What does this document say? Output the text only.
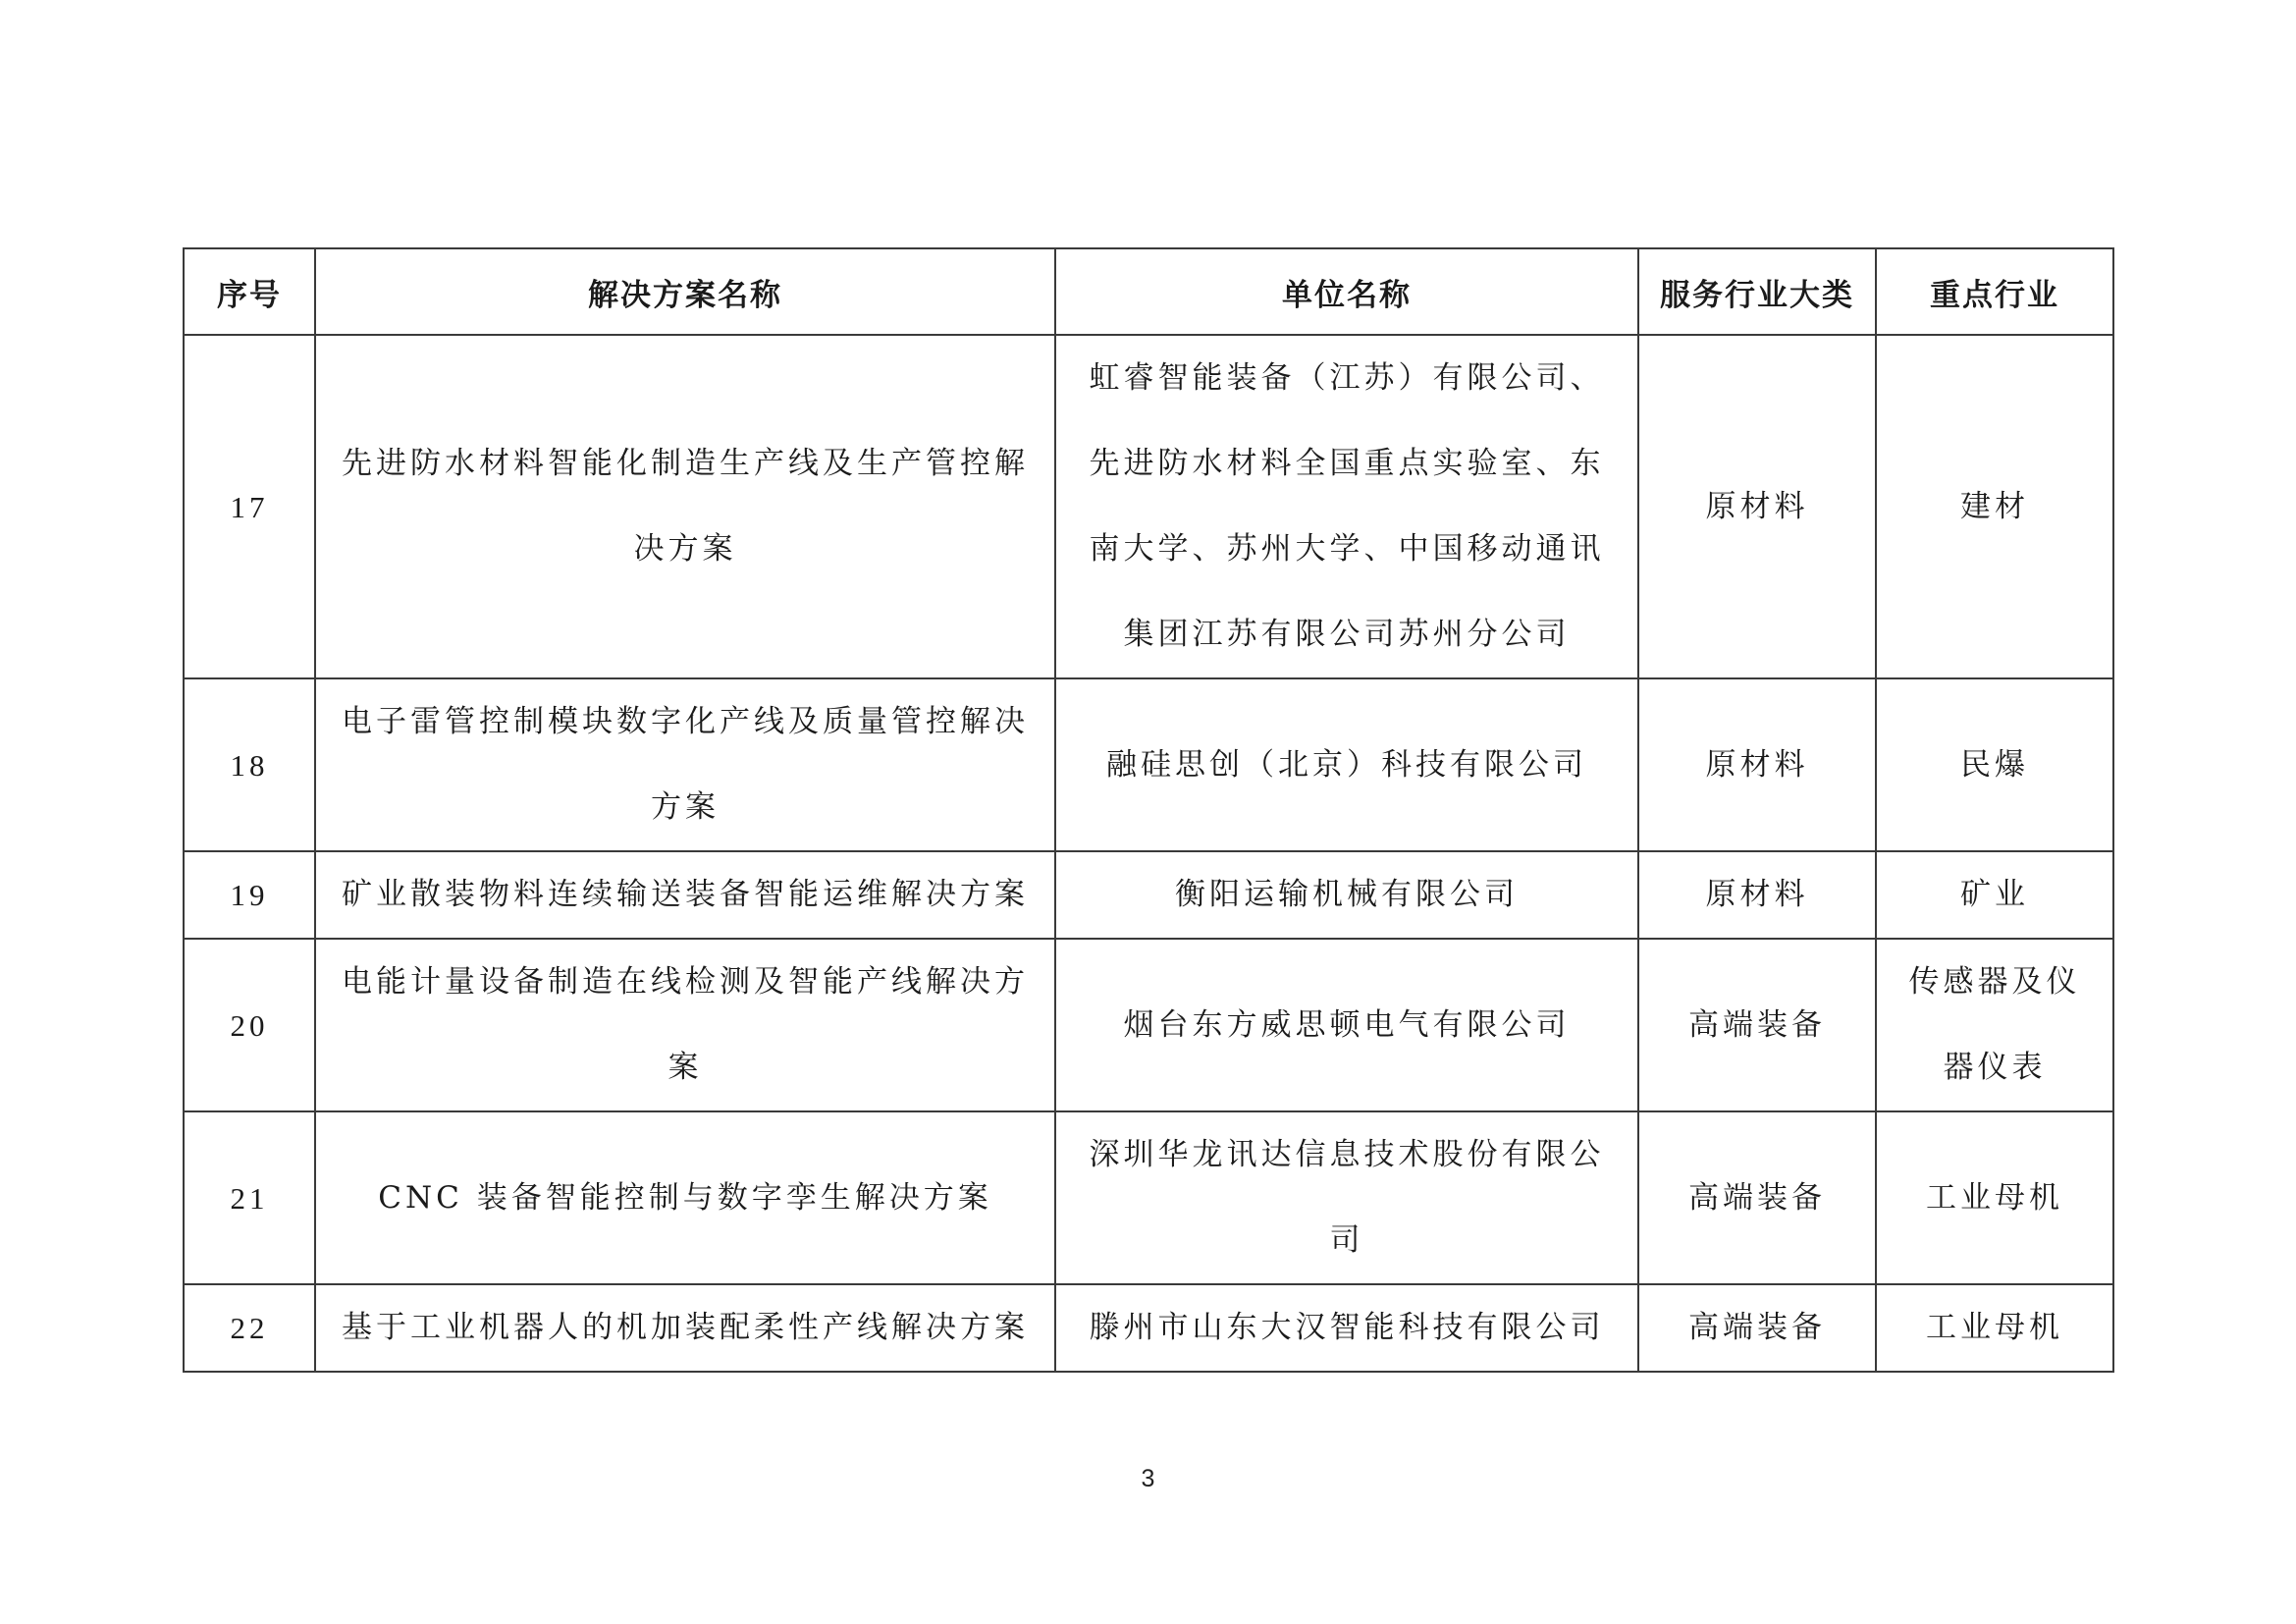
序号	解决方案名称	单位名称	服务行业大类	重点行业
17	先进防水材料智能化制造生产线及生产管控解决方案	虹睿智能装备（江苏）有限公司、先进防水材料全国重点实验室、东南大学、苏州大学、中国移动通讯集团江苏有限公司苏州分公司	原材料	建材
18	电子雷管控制模块数字化产线及质量管控解决方案	融硅思创（北京）科技有限公司	原材料	民爆
19	矿业散装物料连续输送装备智能运维解决方案	衡阳运输机械有限公司	原材料	矿业
20	电能计量设备制造在线检测及智能产线解决方案	烟台东方威思顿电气有限公司	高端装备	传感器及仪器仪表
21	CNC 装备智能控制与数字孪生解决方案	深圳华龙讯达信息技术股份有限公司	高端装备	工业母机
22	基于工业机器人的机加装配柔性产线解决方案	滕州市山东大汉智能科技有限公司	高端装备	工业母机
3
